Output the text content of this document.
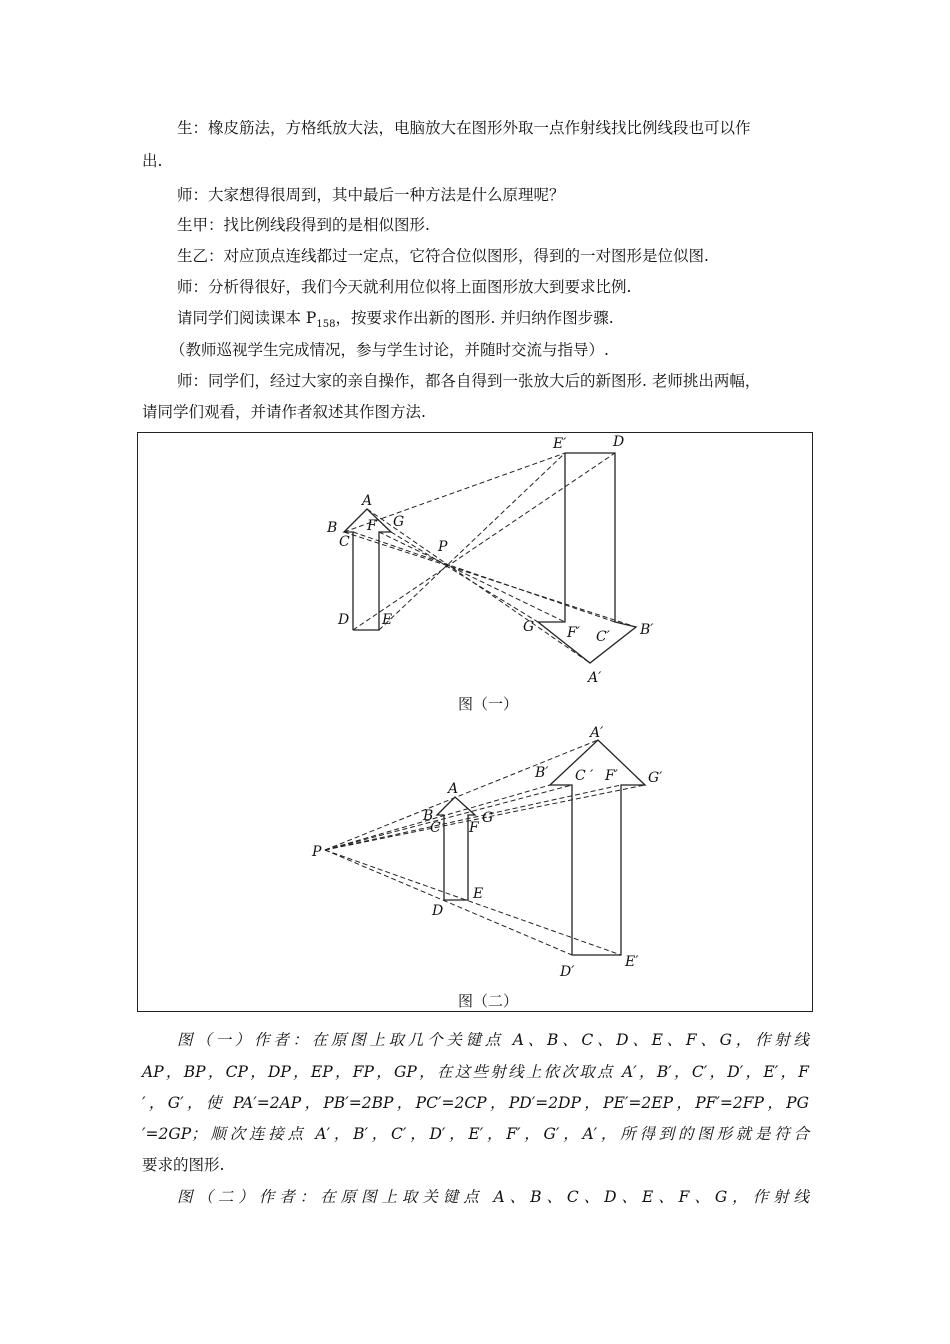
生：橡皮筋法，方格纸放大法，电脑放大在图形外取一点作射线找比例线段也可以作
出.
师：大家想得很周到，其中最后一种方法是什么原理呢？
生甲：找比例线段得到的是相似图形.
生乙：对应顶点连线都过一定点，它符合位似图形，得到的一对图形是位似图.
师：分析得很好，我们今天就利用位似将上面图形放大到要求比例.
请同学们阅读课本 $P_{158}$，按要求作出新的图形. 并归纳作图步骤.
（教师巡视学生完成情况，参与学生讨论，并随时交流与指导）.
师：同学们，经过大家的亲自操作，都各自得到一张放大后的新图形. 老师挑出两幅，
请同学们观看，并请作者叙述其作图方法.
A
B
C
F G
D E
P
E′	D
G F′ C′ B′
A′
图（一）
A
B
C
G
F
P
D
E
A′
B′ C ′ F′ G′
D′
E′
图（二）
图（一）作者：在原图上取几个关键点 A、B、C、D、E、F、G，作射线
AP，BP，CP，DP，EP，FP，GP，在这些射线上依次取点 A′，B′，C′，D′，E′，F
′，G′，使 PA′=2AP，PB′=2BP，PC′=2CP，PD′=2DP，PE′=2EP，PF′=2FP，PG
′=2GP；顺次连接点 A′，B′，C′，D′，E′，F′，G′，A′，所得到的图形就是符合
要求的图形.
图（二）作者：在原图上取关键点 A、B、C、D、E、F、G，作射线
